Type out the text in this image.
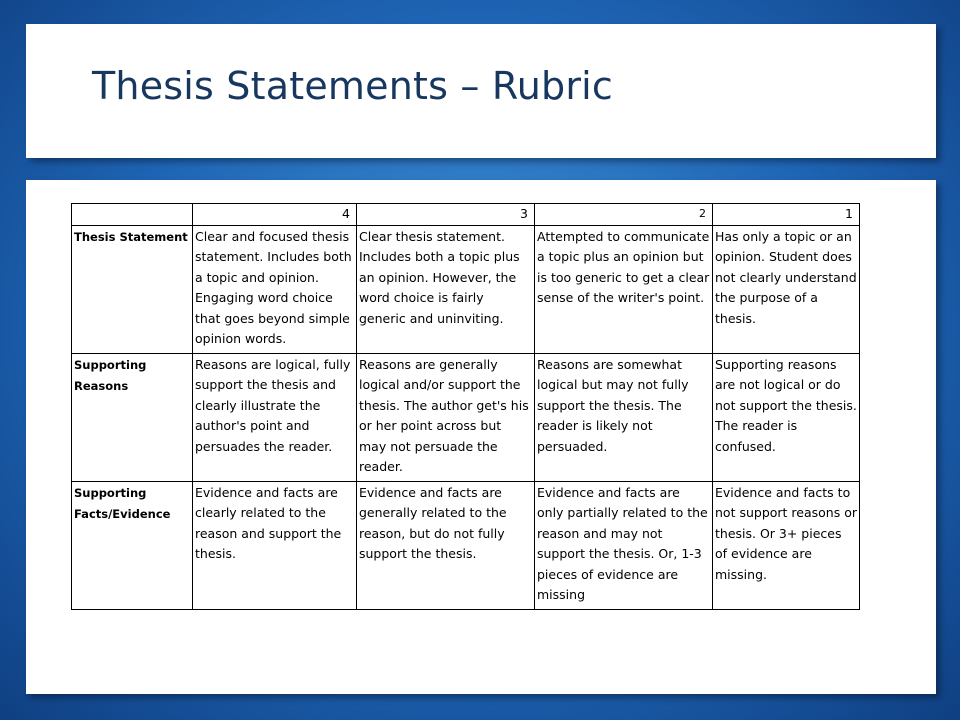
Thesis Statements – Rubric
	4	3	2	1
Thesis Statement	Clear and focused thesis statement. Includes both a topic and opinion. Engaging word choice that goes beyond simple opinion words.	Clear thesis statement. Includes both a topic plus an opinion. However, the word choice is fairly generic and uninviting.	Attempted to communicate a topic plus an opinion but is too generic to get a clear sense of the writer's point.	Has only a topic or an opinion. Student does not clearly understand the purpose of a thesis.
Supporting Reasons	Reasons are logical, fully support the thesis and clearly illustrate the author's point and persuades the reader.	Reasons are generally logical and/or support the thesis. The author get's his or her point across but may not persuade the reader.	Reasons are somewhat logical but may not fully support the thesis. The reader is likely not persuaded.	Supporting reasons are not logical or do not support the thesis. The reader is confused.
Supporting Facts/Evidence	Evidence and facts are clearly related to the reason and support the thesis.	Evidence and facts are generally related to the reason, but do not fully support the thesis.	Evidence and facts are only partially related to the reason and may not support the thesis. Or, 1-3 pieces of evidence are missing	Evidence and facts to not support reasons or thesis. Or 3+ pieces of evidence are missing.
